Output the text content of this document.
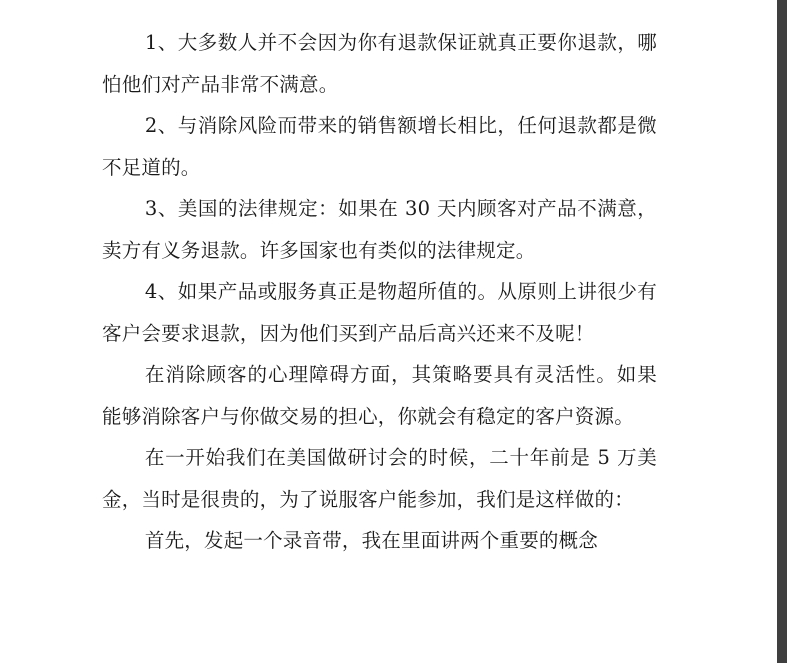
1、大多数人并不会因为你有退款保证就真正要你退款，哪怕他们对产品非常不满意。

2、与消除风险而带来的销售额增长相比，任何退款都是微不足道的。

3、美国的法律规定：如果在 30 天内顾客对产品不满意，卖方有义务退款。许多国家也有类似的法律规定。

4、如果产品或服务真正是物超所值的。从原则上讲很少有客户会要求退款，因为他们买到产品后高兴还来不及呢！

在消除顾客的心理障碍方面，其策略要具有灵活性。如果能够消除客户与你做交易的担心，你就会有稳定的客户资源。

在一开始我们在美国做研讨会的时候，二十年前是 5 万美金，当时是很贵的，为了说服客户能参加，我们是这样做的：

首先，发起一个录音带，我在里面讲两个重要的概念
